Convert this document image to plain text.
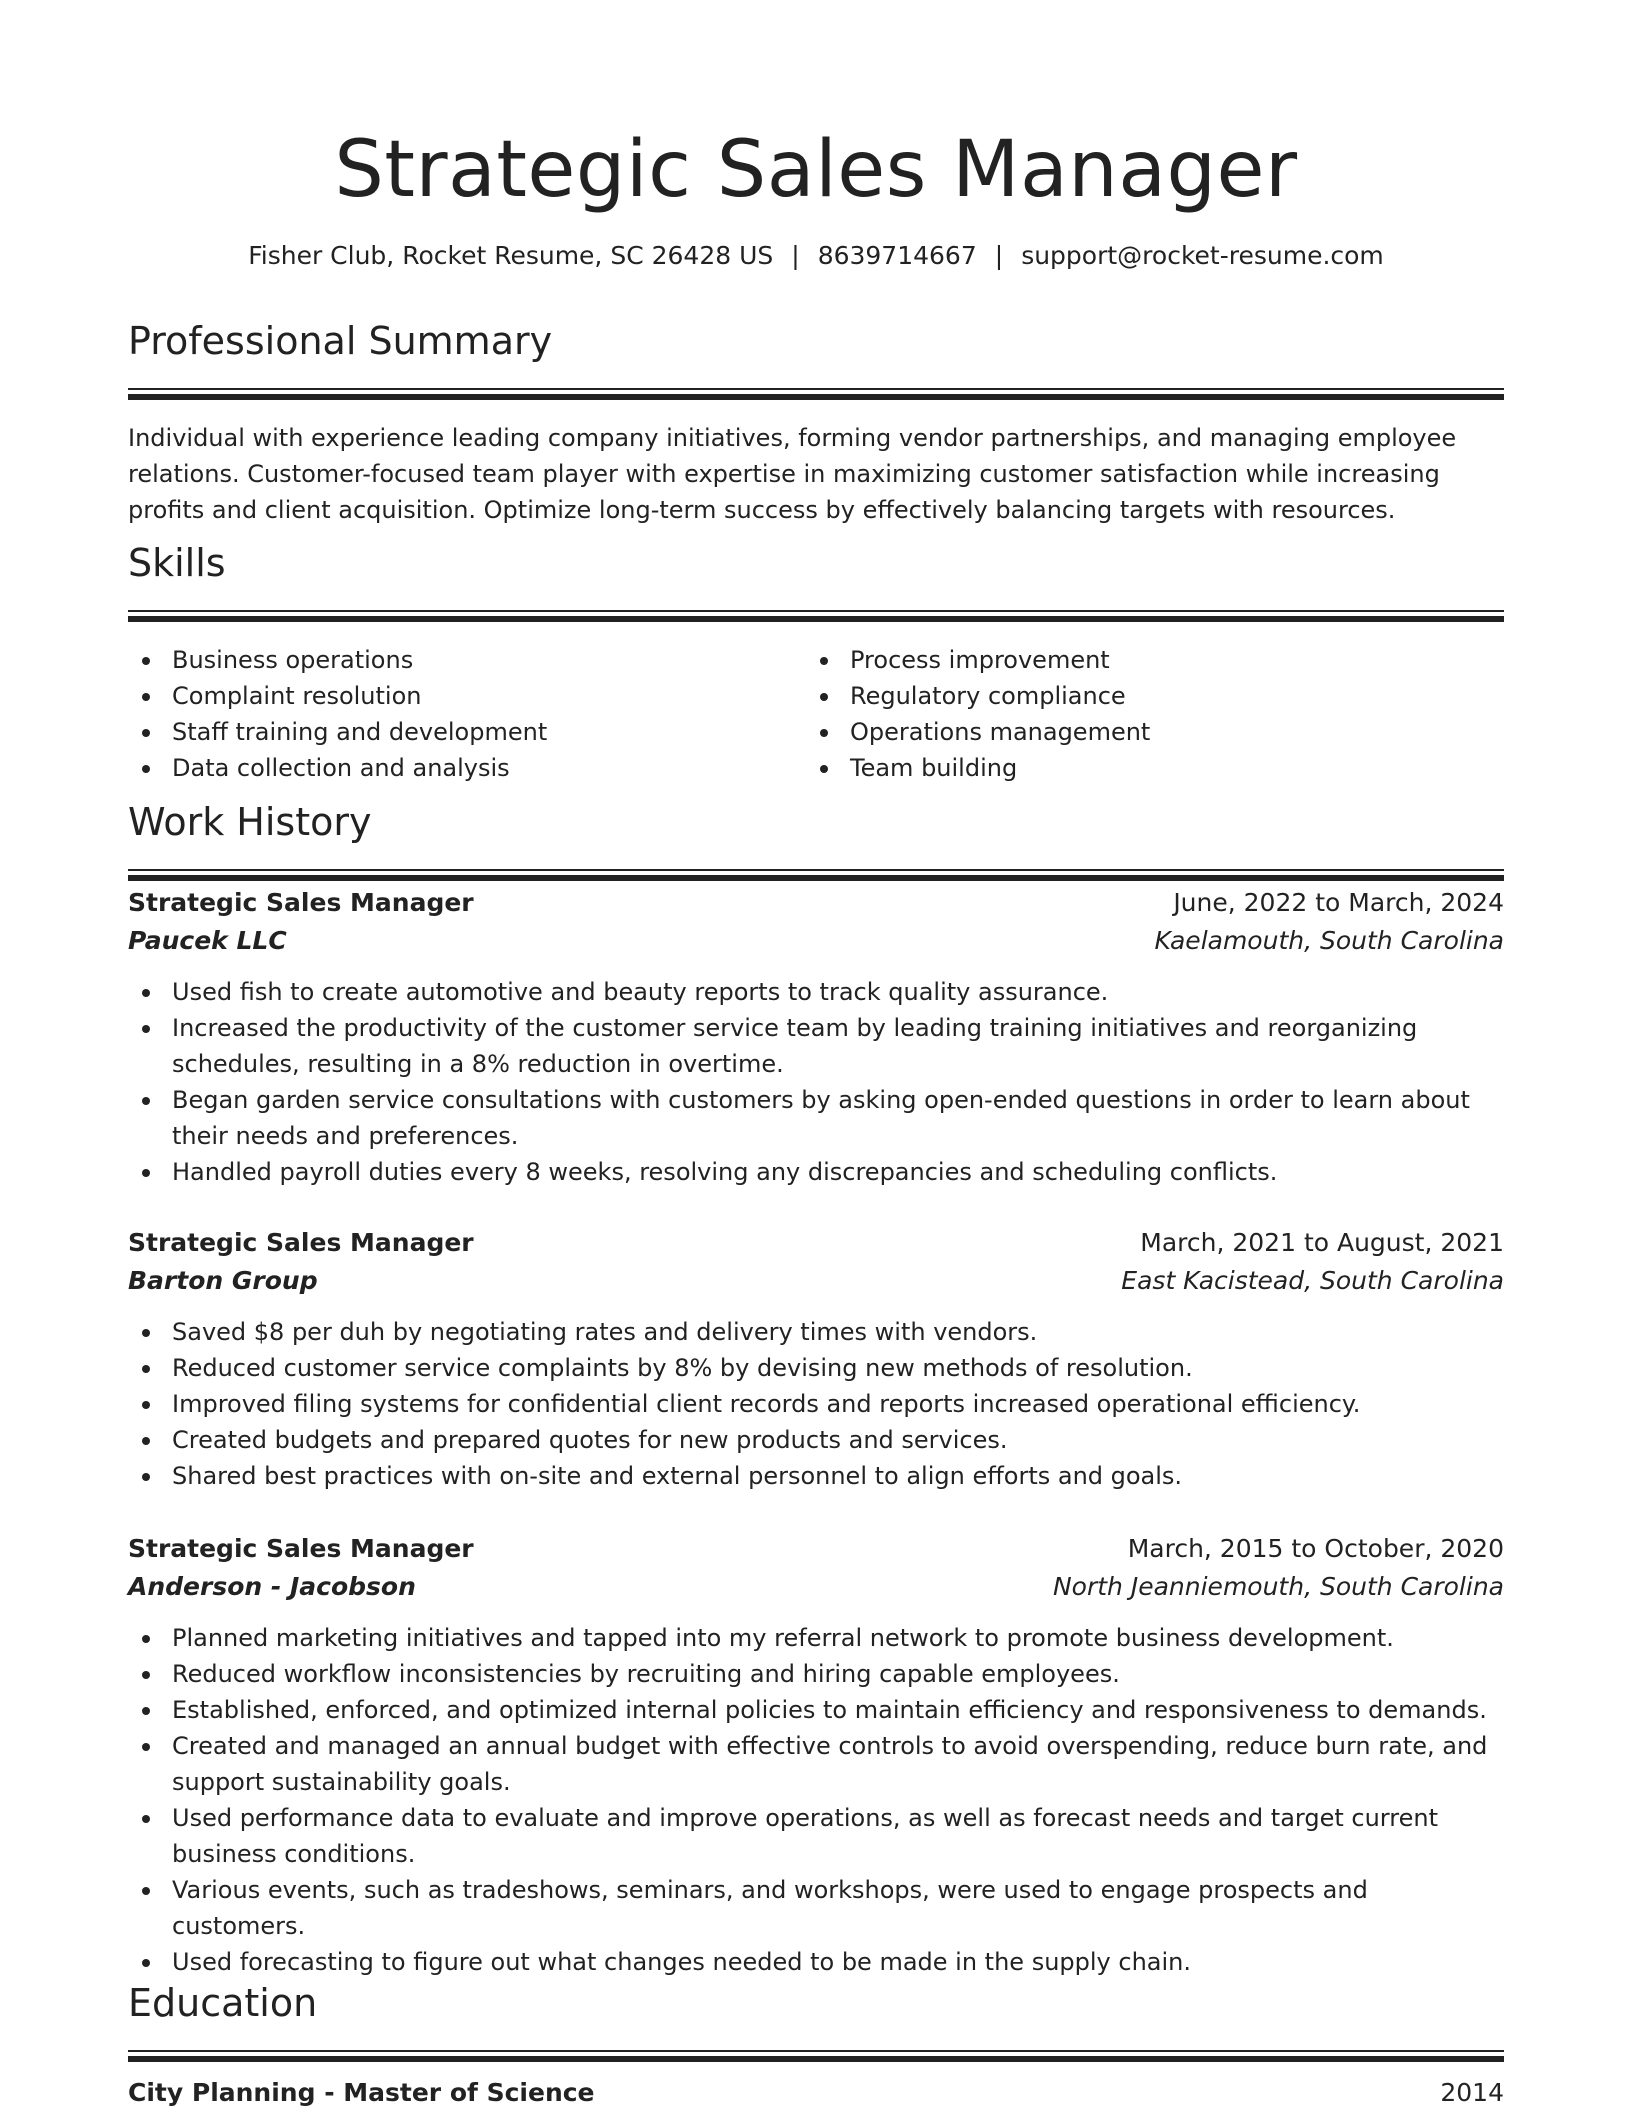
Strategic Sales Manager
Fisher Club, Rocket Resume, SC 26428 US | 8639714667 | support@rocket-resume.com
Professional Summary
Individual with experience leading company initiatives, forming vendor partnerships, and managing employee relations. Customer-focused team player with expertise in maximizing customer satisfaction while increasing profits and client acquisition. Optimize long-term success by effectively balancing targets with resources.
Skills
Business operations
Complaint resolution
Staff training and development
Data collection and analysis
Process improvement
Regulatory compliance
Operations management
Team building
Work History
Strategic Sales Manager	June, 2022 to March, 2024
Paucek LLC	Kaelamouth, South Carolina
Used fish to create automotive and beauty reports to track quality assurance.
Increased the productivity of the customer service team by leading training initiatives and reorganizing schedules, resulting in a 8% reduction in overtime.
Began garden service consultations with customers by asking open-ended questions in order to learn about their needs and preferences.
Handled payroll duties every 8 weeks, resolving any discrepancies and scheduling conflicts.
Strategic Sales Manager	March, 2021 to August, 2021
Barton Group	East Kacistead, South Carolina
Saved $8 per duh by negotiating rates and delivery times with vendors.
Reduced customer service complaints by 8% by devising new methods of resolution.
Improved filing systems for confidential client records and reports increased operational efficiency.
Created budgets and prepared quotes for new products and services.
Shared best practices with on-site and external personnel to align efforts and goals.
Strategic Sales Manager	March, 2015 to October, 2020
Anderson - Jacobson	North Jeanniemouth, South Carolina
Planned marketing initiatives and tapped into my referral network to promote business development.
Reduced workflow inconsistencies by recruiting and hiring capable employees.
Established, enforced, and optimized internal policies to maintain efficiency and responsiveness to demands.
Created and managed an annual budget with effective controls to avoid overspending, reduce burn rate, and support sustainability goals.
Used performance data to evaluate and improve operations, as well as forecast needs and target current business conditions.
Various events, such as tradeshows, seminars, and workshops, were used to engage prospects and customers.
Used forecasting to figure out what changes needed to be made in the supply chain.
Education
City Planning - Master of Science	2014
